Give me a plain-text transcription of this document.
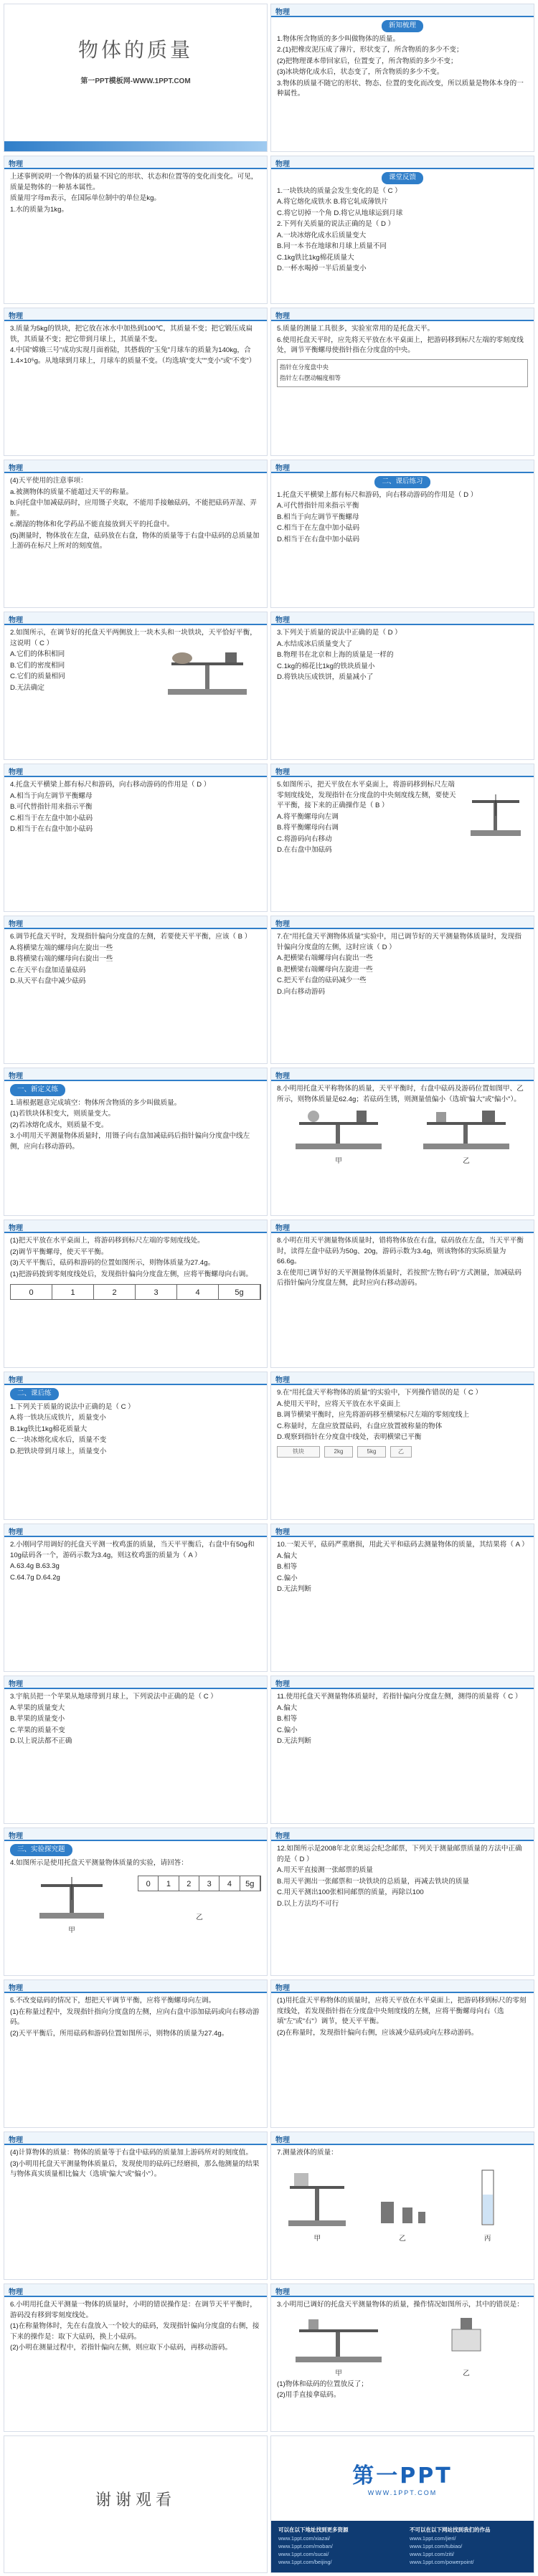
物体的质量
第一PPT模板网-WWW.1PPT.COM
物理
新知梳理

1.物体所含物质的多少叫做物体的质量。

2.(1)把橡皮泥压成了薄片，形状变了，所含物质的多少不变；

(2)把物理课本带回家后，位置变了，所含物质的多少不变；

(3)冰块熔化成水后，状态变了，所含物质的多少不变。

3.物体的质量不随它的形状、物态、位置的变化而改变，所以质量是物体本身的一种属性。

物理

上述事例说明一个物体的质量不因它的形状、状态和位置等的变化而变化。可见，质量是物体的一种基本属性。

质量用字母m表示，在国际单位制中的单位是kg。

1.水的质量为1kg。

物理
课堂反馈

1.一块铁块的质量会发生变化的是（ C ）

A.将它熔化成铁水 B.将它轧成薄铁片

C.将它切掉一个角 D.将它从地球运到月球

2.下列有关质量的说法正确的是（ D ）

A.一块冰熔化成水后质量变大

B.同一本书在地球和月球上质量不同

C.1kg铁比1kg棉花质量大

D.一杯水喝掉一半后质量变小

物理

3.质量为5kg的铁块，把它放在冰水中加热到100℃，其质量不变；把它锻压成扁铁，其质量不变；把它带到月球上，其质量不变。

4.中国"嫦娥三号"成功实现月面着陆，其搭载的"玉兔"月球车的质量为140kg，合1.4×10⁵g。从地球到月球上，月球车的质量不变。（均选填"变大""变小"或"不变"）

物理

5.质量的测量工具很多，实验室常用的是托盘天平。

6.使用托盘天平时，应先将天平放在水平桌面上，把游码移到标尺左端的零刻度线处，调节平衡螺母使指针指在分度盘的中央。

指针在分度盘中央

指针左右摆动幅度相等

物理

(4)天平使用的注意事项：

a.被测物体的质量不能超过天平的称量。

b.向托盘中加减砝码时，应用镊子夹取，不能用手接触砝码，不能把砝码弄湿、弄脏。

c.潮湿的物体和化学药品不能直接放到天平的托盘中。

(5)测量时，物体放在左盘，砝码放在右盘，物体的质量等于右盘中砝码的总质量加上游码在标尺上所对的刻度值。

物理
二、课后练习

1.托盘天平横梁上都有标尺和游码，向右移动游码的作用是（ D ）

A.可代替指针用来指示平衡

B.相当于向左调节平衡螺母

C.相当于在左盘中加小砝码

D.相当于在右盘中加小砝码

物理

2.如图所示，在调节好的托盘天平两侧放上一块木头和一块铁块，天平恰好平衡，这说明（ C ）

A.它们的体积相同

B.它们的密度相同

C.它们的质量相同

D.无法确定

物理

3.下列关于质量的说法中正确的是（ D ）

A.水结成冰后质量变大了

B.物理书在北京和上海的质量是一样的

C.1kg的棉花比1kg的铁块质量小

D.将铁块压成铁饼，质量减小了

物理

4.托盘天平横梁上都有标尺和游码，向右移动游码的作用是（ D ）

A.相当于向左调节平衡螺母

B.可代替指针用来指示平衡

C.相当于在左盘中加小砝码

D.相当于在右盘中加小砝码

物理

5.如图所示，把天平放在水平桌面上，将游码移到标尺左端零刻度线处，发现指针在分度盘的中央刻度线左侧，要使天平平衡，接下来的正确操作是（ B ）

A.将平衡螺母向左调

B.将平衡螺母向右调

C.将游码向右移动

D.在右盘中加砝码

物理

6.调节托盘天平时，发现指针偏向分度盘的左侧，若要使天平平衡，应该（ B ）

A.将横梁左端的螺母向左旋出一些

B.将横梁右端的螺母向右旋出一些

C.在天平右盘加适量砝码

D.从天平右盘中减少砝码

物理

7.在"用托盘天平测物体质量"实验中，用已调节好的天平测量物体质量时，发现指针偏向分度盘的左侧，这时应该（ D ）

A.把横梁右端螺母向右旋出一些

B.把横梁右端螺母向左旋进一些

C.把天平右盘的砝码减少一些

D.向右移动游码

物理
一、新定义练

1.请根据题意完成填空：物体所含物质的多少叫做质量。

(1)若铁块体积变大，则质量变大。

(2)若冰熔化成水，则质量不变。

3.小明用天平测量物体质量时，用镊子向右盘加减砝码后指针偏向分度盘中线左侧，应向右移动游码。

物理

8.小明用托盘天平称物体的质量，天平平衡时，右盘中砝码及游码位置如图甲、乙所示，则物体质量是62.4g；若砝码生锈，则测量值偏小（选填"偏大"或"偏小"）。

甲	乙
物理

(1)把天平放在水平桌面上，将游码移到标尺左端的零刻度线处。

(2)调节平衡螺母，使天平平衡。

(3)天平平衡后，砝码和游码的位置如图所示，则物体质量为27.4g。

(1)把游码拨到零刻度线处后，发现指针偏向分度盘左侧，应将平衡螺母向右调。

0	1	2	3	4	5g
物理

8.小明在用天平测量物体质量时，错将物体放在右盘，砝码放在左盘，当天平平衡时，读得左盘中砝码为50g、20g，游码示数为3.4g，则该物体的实际质量为66.6g。

3.在使用已调节好的天平测量物体质量时，若按照"左物右码"方式测量，加减砝码后指针偏向分度盘左侧，此时应向右移动游码。

物理
二、课后练

1.下列关于质量的说法中正确的是（ C ）

A.将一铁块压成铁片，质量变小

B.1kg铁比1kg棉花质量大

C.一块冰熔化成水后，质量不变

D.把铁块带到月球上，质量变小

物理

9.在"用托盘天平称物体的质量"的实验中，下列操作错误的是（ C ）

A.使用天平时，应将天平放在水平桌面上

B.调节横梁平衡时，应先将游码移至横梁标尺左端的零刻度线上

C.称量时，左盘应放置砝码，右盘应放置被称量的物体

D.观察到指针在分度盘中线处，表明横梁已平衡

铁块	2kg	5kg	乙
物理

2.小刚同学用调好的托盘天平测一枚鸡蛋的质量，当天平平衡后，右盘中有50g和10g砝码各一个，游码示数为3.4g，则这枚鸡蛋的质量为（ A ）

A.63.4g B.63.3g

C.64.7g D.64.2g

物理

10.一架天平，砝码严重磨损，用此天平和砝码去测量物体的质量，其结果将（ A ）

A.偏大

B.相等

C.偏小

D.无法判断

物理

3.宇航员把一个苹果从地球带到月球上，下列说法中正确的是（ C ）

A.苹果的质量变大

B.苹果的质量变小

C.苹果的质量不变

D.以上说法都不正确

物理

11.使用托盘天平测量物体质量时，若指针偏向分度盘左侧，测得的质量将（ C ）

A.偏大

B.相等

C.偏小

D.无法判断

物理
三、实验探究题

4.如图所示是使用托盘天平测量物体质量的实验，请回答：

甲
0	1	2	3	4	5g
乙
物理

12.如图所示是2008年北京奥运会纪念邮票，下列关于测量邮票质量的方法中正确的是（ D ）

A.用天平直接测一张邮票的质量

B.用天平测出一张邮票和一块铁块的总质量，再减去铁块的质量

C.用天平测出100张相同邮票的质量，再除以100

D.以上方法均不可行

物理

5.不改变砝码的情况下，想把天平调节平衡，应将平衡螺母向左调。

(1)在称量过程中，发现指针指向分度盘的左侧，应向右盘中添加砝码或向右移动游码。

(2)天平平衡后，所用砝码和游码位置如图所示，则物体的质量为27.4g。

物理

(1)用托盘天平称物体的质量时，应将天平放在水平桌面上，把游码移到标尺的零刻度线处，若发现指针指在分度盘中央刻度线的左侧，应将平衡螺母向右（选填"左"或"右"）调节，使天平平衡。

(2)在称量时，发现指针偏向右侧，应该减少砝码或向左移动游码。

物理

(4)计算物体的质量：物体的质量等于右盘中砝码的质量加上游码所对的刻度值。

(3)小明用托盘天平测量物体质量后，发现使用的砝码已经磨损，那么他测量的结果与物体真实质量相比偏大（选填"偏大"或"偏小"）。

物理

7.测量液体的质量：

甲	乙	丙
物理

6.小明用托盘天平测量一物体的质量时，小明的错误操作是：在调节天平平衡时，游码没有移到零刻度线处。

(1)在称量物体时，先在右盘放入一个较大的砝码，发现指针偏向分度盘的右侧，接下来的操作是：取下大砝码，换上小砝码。

(2)小明在测量过程中，若指针偏向左侧，则应取下小砝码，再移动游码。

物理

3.小明用已调好的托盘天平测量物体的质量，操作情况如图所示，其中的错误是：

甲	乙

(1)物体和砝码的位置放反了；

(2)用手直接拿砝码。

谢谢观看
第一PPT
WWW.1PPT.COM
可以在以下地址找到更多资源
www.1ppt.com/xiazai/
www.1ppt.com/moban/
www.1ppt.com/sucai/
www.1ppt.com/beijing/
不可以在以下网站找到我们的作品
www.1ppt.com/jieri/
www.1ppt.com/tubiao/
www.1ppt.com/ziti/
www.1ppt.com/powerpoint/
